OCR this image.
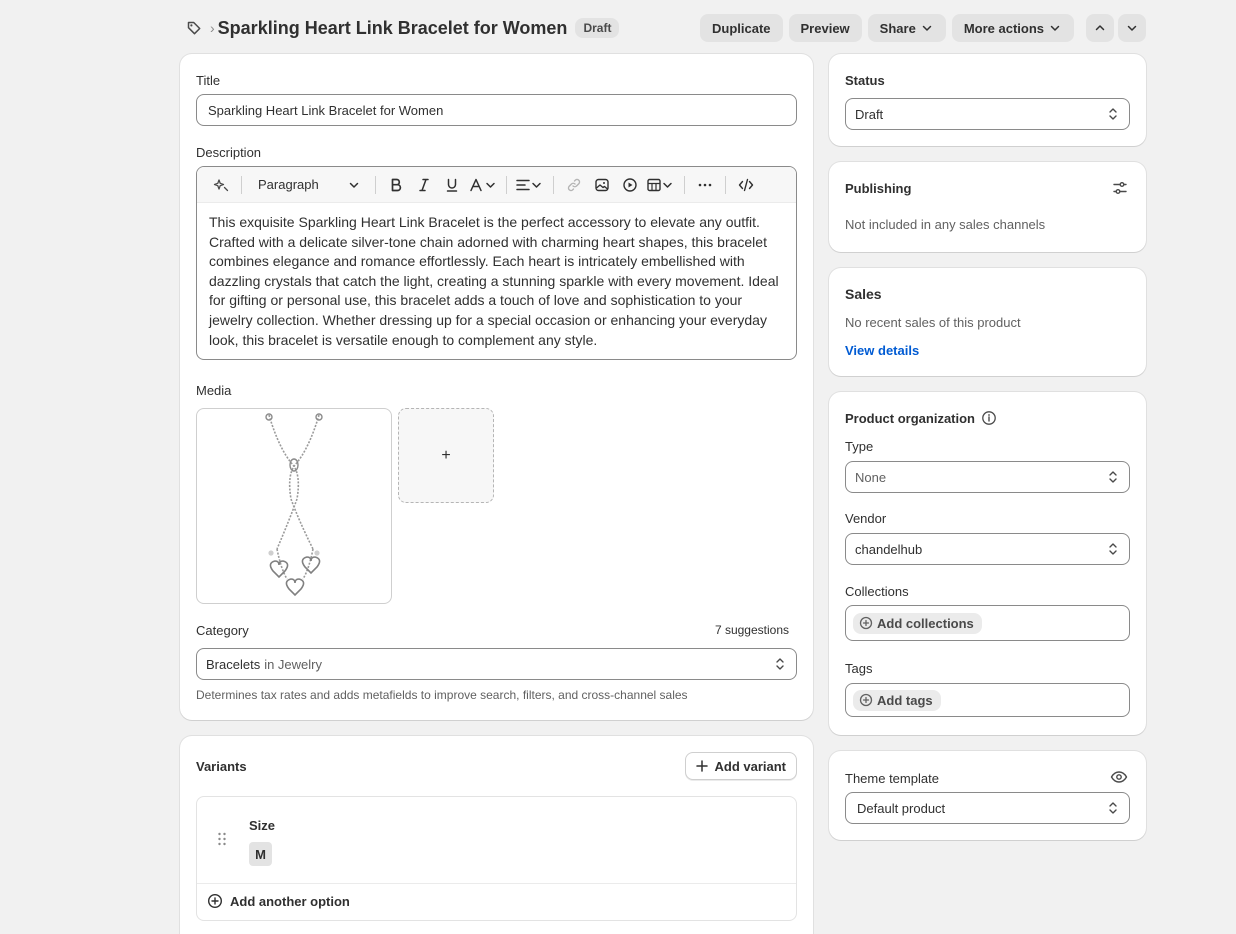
› Sparkling Heart Link Bracelet for Women	Draft	Duplicate	Preview	Share	More actions
Title
Sparkling Heart Link Bracelet for Women
Description
Paragraph
This exquisite Sparkling Heart Link Bracelet is the perfect accessory to elevate any outfit. Crafted with a delicate silver-tone chain adorned with charming heart shapes, this bracelet combines elegance and romance effortlessly. Each heart is intricately embellished with dazzling crystals that catch the light, creating a stunning sparkle with every movement. Ideal for gifting or personal use, this bracelet adds a touch of love and sophistication to your jewelry collection. Whether dressing up for a special occasion or enhancing your everyday look, this bracelet is versatile enough to complement any style.
Media
+
Category	7 suggestions
Bracelets in Jewelry
Determines tax rates and adds metafields to improve search, filters, and cross-channel sales
Variants	Add variant
Size
M
Add another option
Status
Draft
Publishing
Not included in any sales channels
Sales
No recent sales of this product
View details
Product organization
Type
None
Vendor
chandelhub
Collections
Add collections
Tags
Add tags
Theme template
Default product
